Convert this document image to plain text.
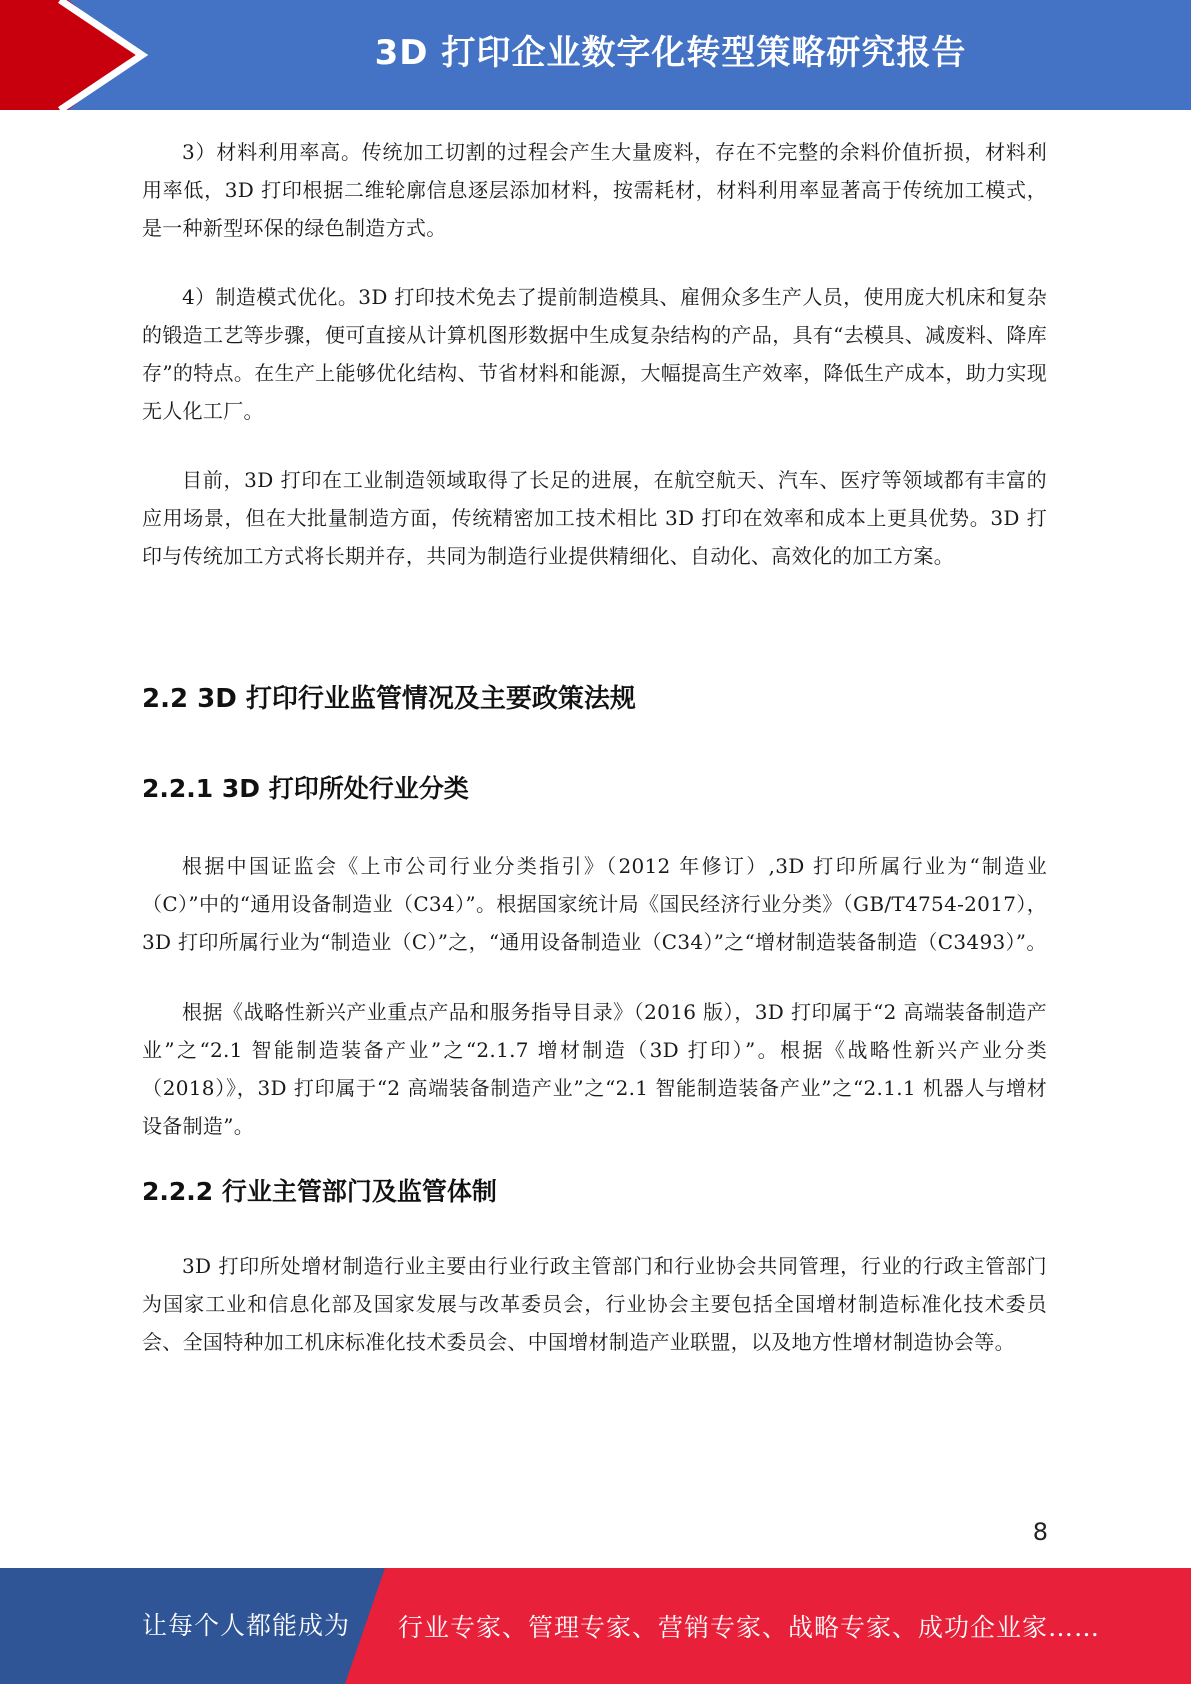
3D 打印企业数字化转型策略研究报告

3）材料利用率高。传统加工切割的过程会产生大量废料，存在不完整的余料价值折损，材料利用率低，3D 打印根据二维轮廓信息逐层添加材料，按需耗材，材料利用率显著高于传统加工模式，是一种新型环保的绿色制造方式。

4）制造模式优化。3D 打印技术免去了提前制造模具、雇佣众多生产人员，使用庞大机床和复杂的锻造工艺等步骤，便可直接从计算机图形数据中生成复杂结构的产品，具有“去模具、减废料、降库存”的特点。在生产上能够优化结构、节省材料和能源，大幅提高生产效率，降低生产成本，助力实现无人化工厂。

目前，3D 打印在工业制造领域取得了长足的进展，在航空航天、汽车、医疗等领域都有丰富的应用场景，但在大批量制造方面，传统精密加工技术相比 3D 打印在效率和成本上更具优势。3D 打印与传统加工方式将长期并存，共同为制造行业提供精细化、自动化、高效化的加工方案。

2.2 3D 打印行业监管情况及主要政策法规
2.2.1 3D 打印所处行业分类

根据中国证监会《上市公司行业分类指引》（2012 年修订）,3D 打印所属行业为“制造业（C）”中的“通用设备制造业（C34）”。根据国家统计局《国民经济行业分类》（GB/T4754-2017），3D 打印所属行业为“制造业（C）”之，“通用设备制造业（C34）”之“增材制造装备制造（C3493）”。

根据《战略性新兴产业重点产品和服务指导目录》（2016 版），3D 打印属于“2 高端装备制造产业”之“2.1 智能制造装备产业”之“2.1.7 增材制造（3D 打印）”。根据《战略性新兴产业分类（2018）》，3D 打印属于“2 高端装备制造产业”之“2.1 智能制造装备产业”之“2.1.1 机器人与增材设备制造”。

2.2.2 行业主管部门及监管体制

3D 打印所处增材制造行业主要由行业行政主管部门和行业协会共同管理，行业的行政主管部门为国家工业和信息化部及国家发展与改革委员会，行业协会主要包括全国增材制造标准化技术委员会、全国特种加工机床标准化技术委员会、中国增材制造产业联盟，以及地方性增材制造协会等。

8
让每个人都能成为 行业专家、管理专家、营销专家、战略专家、成功企业家……
